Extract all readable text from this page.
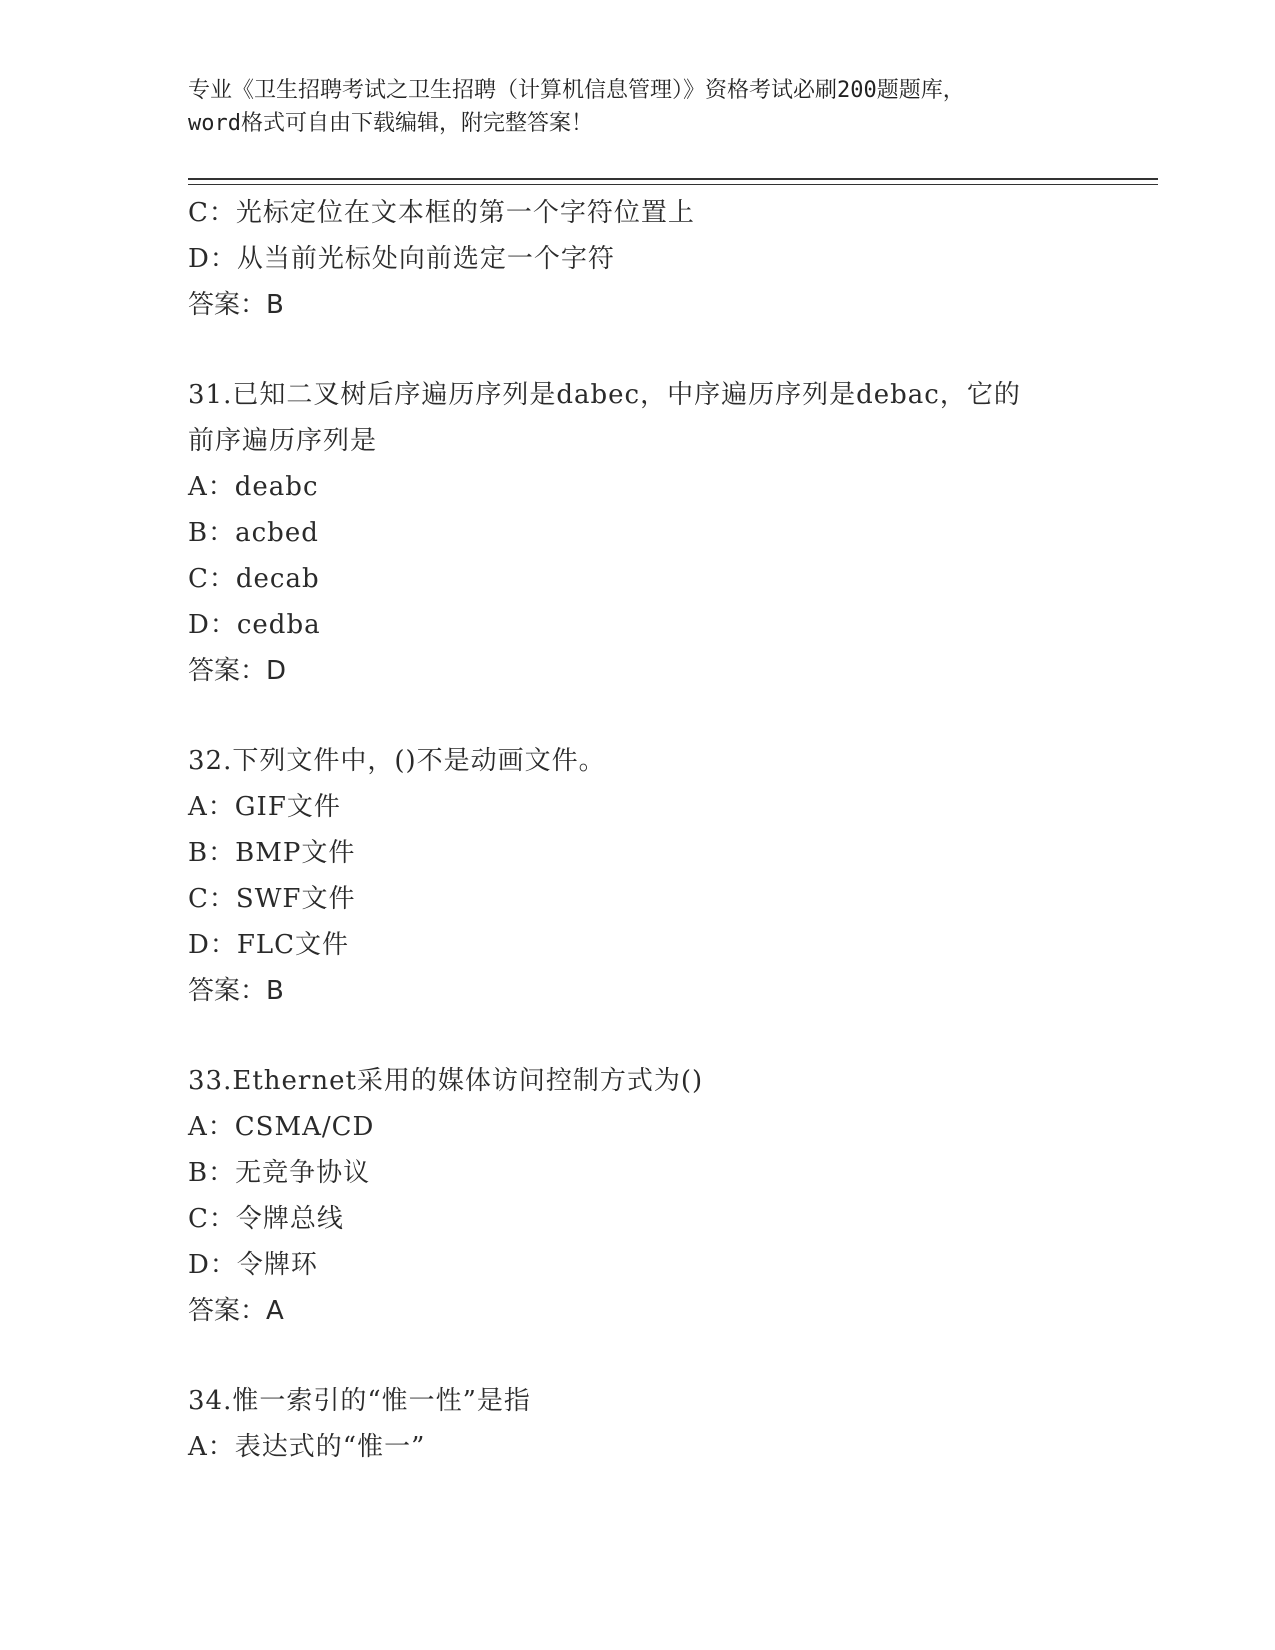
专业《卫生招聘考试之卫生招聘（计算机信息管理）》资格考试必刷200题题库，
word格式可自由下载编辑，附完整答案！
C：光标定位在文本框的第一个字符位置上
D：从当前光标处向前选定一个字符
答案：B
31.已知二叉树后序遍历序列是dabec，中序遍历序列是debac，它的
前序遍历序列是
A：deabc
B：acbed
C：decab
D：cedba
答案：D
32.下列文件中，()不是动画文件。
A：GIF文件
B：BMP文件
C：SWF文件
D：FLC文件
答案：B
33.Ethernet采用的媒体访问控制方式为()
A：CSMA/CD
B：无竞争协议
C：令牌总线
D：令牌环
答案：A
34.惟一索引的“惟一性”是指
A：表达式的“惟一”
